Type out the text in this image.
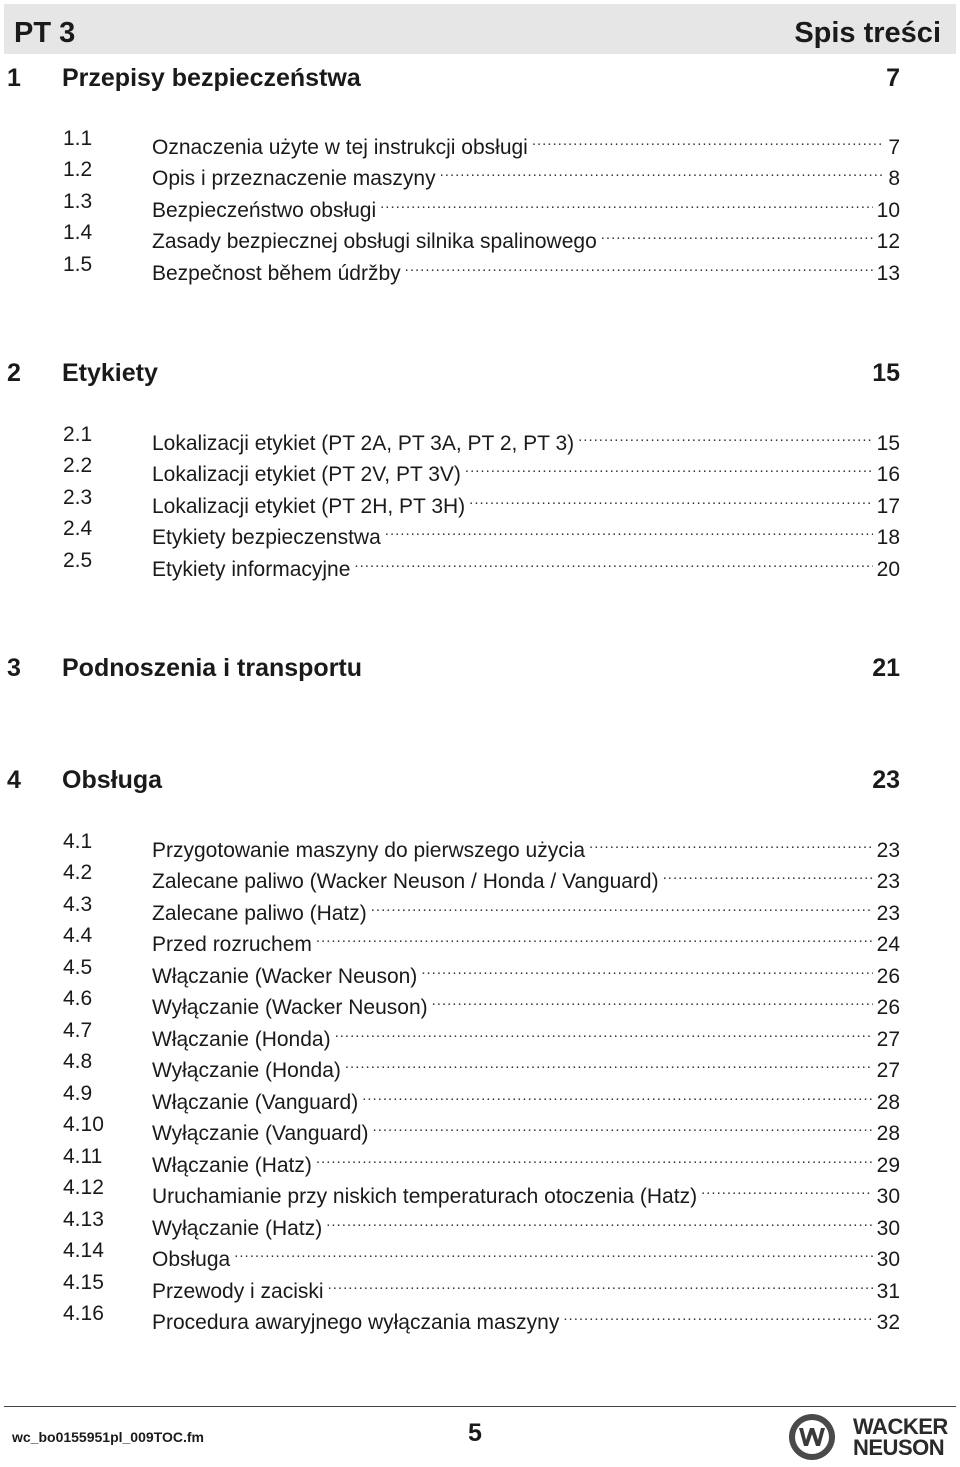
PT 3	Spis treści
1 Przepisy bezpieczeństwa	7
1.1	Oznaczenia użyte w tej instrukcji obsługi .....	7
1.2	Opis i przeznaczenie maszyny .....	8
1.3	Bezpieczeństwo obsługi .....	10
1.4	Zasady bezpiecznej obsługi silnika spalinowego .....	12
1.5	Bezpečnost během údržby .....	13
2 Etykiety	15
2.1	Lokalizacji etykiet (PT 2A, PT 3A, PT 2, PT 3) .....	15
2.2	Lokalizacji etykiet (PT 2V, PT 3V) .....	16
2.3	Lokalizacji etykiet (PT 2H, PT 3H) .....	17
2.4	Etykiety bezpieczenstwa .....	18
2.5	Etykiety informacyjne .....	20
3 Podnoszenia i transportu	21
4 Obsługa	23
4.1	Przygotowanie maszyny do pierwszego użycia .....	23
4.2	Zalecane paliwo (Wacker Neuson / Honda / Vanguard) .....	23
4.3	Zalecane paliwo (Hatz) .....	23
4.4	Przed rozruchem .....	24
4.5	Włączanie (Wacker Neuson) .....	26
4.6	Wyłączanie (Wacker Neuson) .....	26
4.7	Włączanie (Honda) .....	27
4.8	Wyłączanie (Honda) .....	27
4.9	Włączanie (Vanguard) .....	28
4.10 Wyłączanie (Vanguard) .....	28
4.11 Włączanie (Hatz) .....	29
4.12 Uruchamianie przy niskich temperaturach otoczenia (Hatz) .....	30
4.13 Wyłączanie (Hatz) .....	30
4.14 Obsługa .....	30
4.15 Przewody i zaciski .....	31
4.16 Procedura awaryjnego wyłączania maszyny .....	32
wc_bo0155951pl_009TOC.fm	5	WACKER
NEUSON
